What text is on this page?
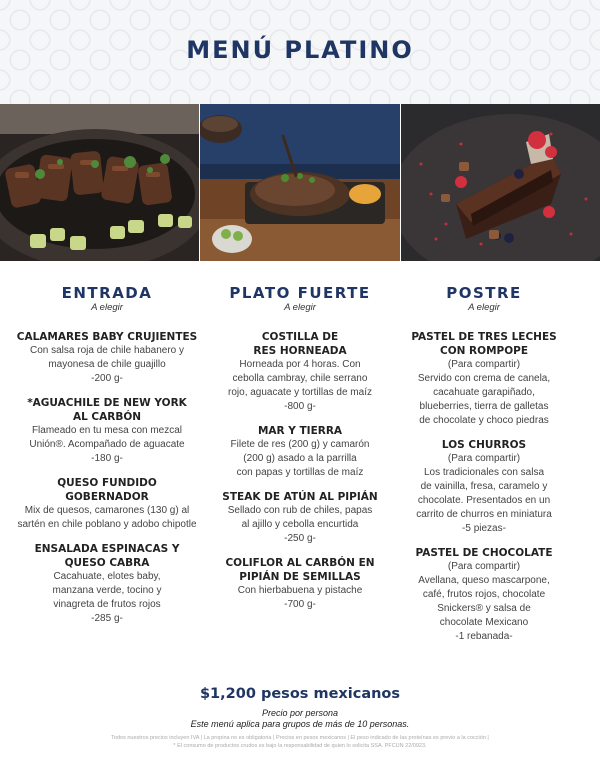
MENÚ PLATINO
ENTRADA
A elegir
CALAMARES BABY CRUJIENTES
Con salsa roja de chile habanero y
mayonesa de chile guajillo
-200 g-
*AGUACHILE DE NEW YORK
AL CARBÓN
Flameado en tu mesa con mezcal
Unión®. Acompañado de aguacate
-180 g-
QUESO FUNDIDO GOBERNADOR
Mix de quesos, camarones (130 g) al
sartén en chile poblano y adobo chipotle
ENSALADA ESPINACAS Y
QUESO CABRA
Cacahuate, elotes baby,
manzana verde, tocino y
vinagreta de frutos rojos
-285 g-
PLATO FUERTE
A elegir
COSTILLA DE
RES HORNEADA
Horneada por 4 horas. Con
cebolla cambray, chile serrano
rojo, aguacate y tortillas de maíz
-800 g-
MAR Y TIERRA
Filete de res (200 g) y camarón
(200 g) asado a la parrilla
con papas y tortillas de maíz
STEAK DE ATÚN AL PIPIÁN
Sellado con rub de chiles, papas
al ajillo y cebolla encurtida
-250 g-
COLIFLOR AL CARBÓN EN
PIPIÁN DE SEMILLAS
Con hierbabuena y pistache
-700 g-
POSTRE
A elegir
PASTEL DE TRES LECHES
CON ROMPOPE
(Para compartir)
Servido con crema de canela,
cacahuate garapiñado,
blueberries, tierra de galletas
de chocolate y choco piedras
LOS CHURROS
(Para compartir)
Los tradicionales con salsa
de vainilla, fresa, caramelo y
chocolate. Presentados en un
carrito de churros en miniatura
-5 piezas-
PASTEL DE CHOCOLATE
(Para compartir)
Avellana, queso mascarpone,
café, frutos rojos, chocolate
Snickers® y salsa de
chocolate Mexicano
-1 rebanada-
$1,200 pesos mexicanos
Precio por persona
Este menú aplica para grupos de más de 10 personas.
Todos nuestros precios incluyen IVA | La propina no es obligatoria | Precios en pesos mexicanos | El peso indicado de las proteínas es previo a la cocción |
* El consumo de productos crudos es bajo la responsabilidad de quien lo solicita SSA. PFCUN 22/0923.
